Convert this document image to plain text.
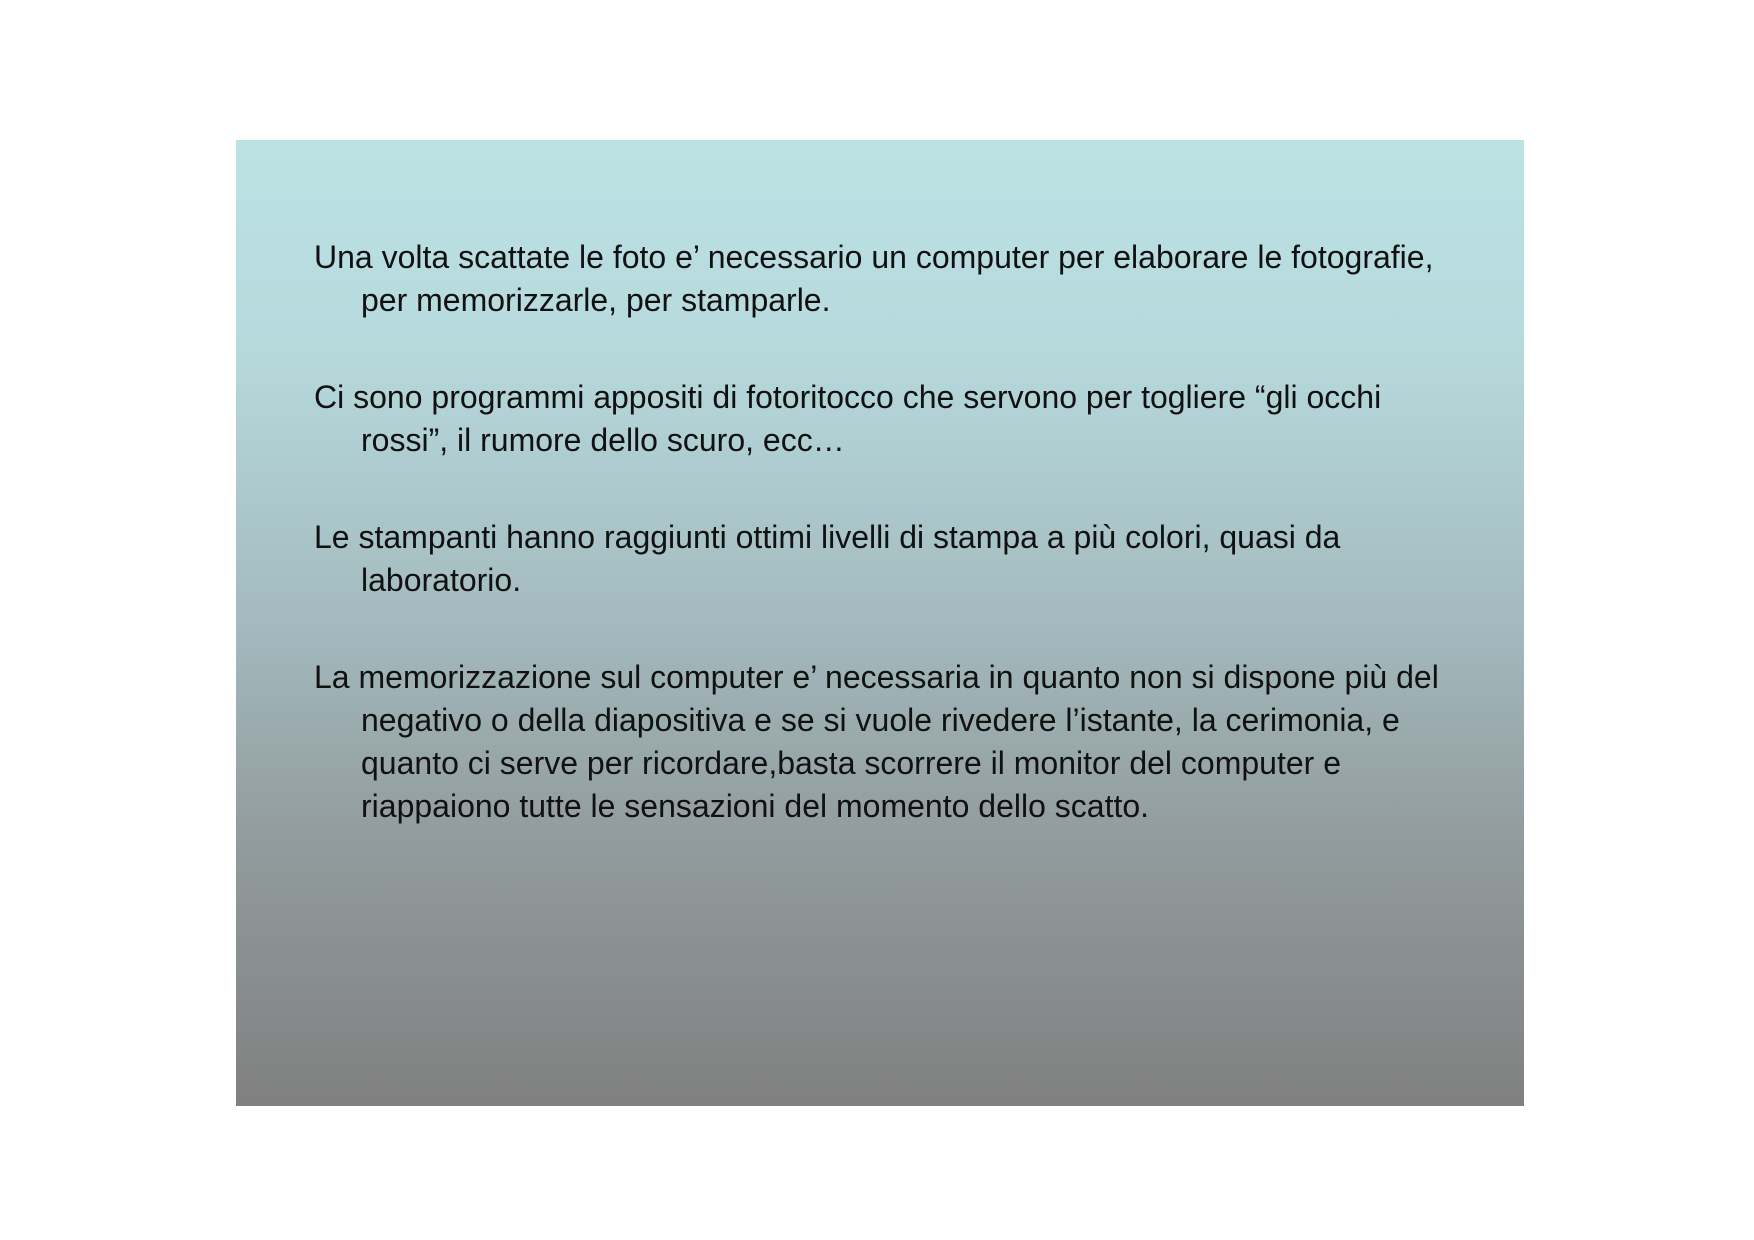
Una volta scattate le foto e’ necessario un computer per elaborare le fotografie, per memorizzarle, per stamparle.

Ci sono programmi appositi di fotoritocco che servono per togliere “gli occhi rossi”, il rumore dello scuro, ecc…

Le stampanti hanno raggiunti ottimi livelli di stampa a più colori, quasi da laboratorio.

La memorizzazione sul computer e’ necessaria in quanto non si dispone più del negativo o della diapositiva e se si vuole rivedere l’istante, la cerimonia, e quanto ci serve per ricordare,basta scorrere il monitor del computer e riappaiono tutte le sensazioni del momento dello scatto.
